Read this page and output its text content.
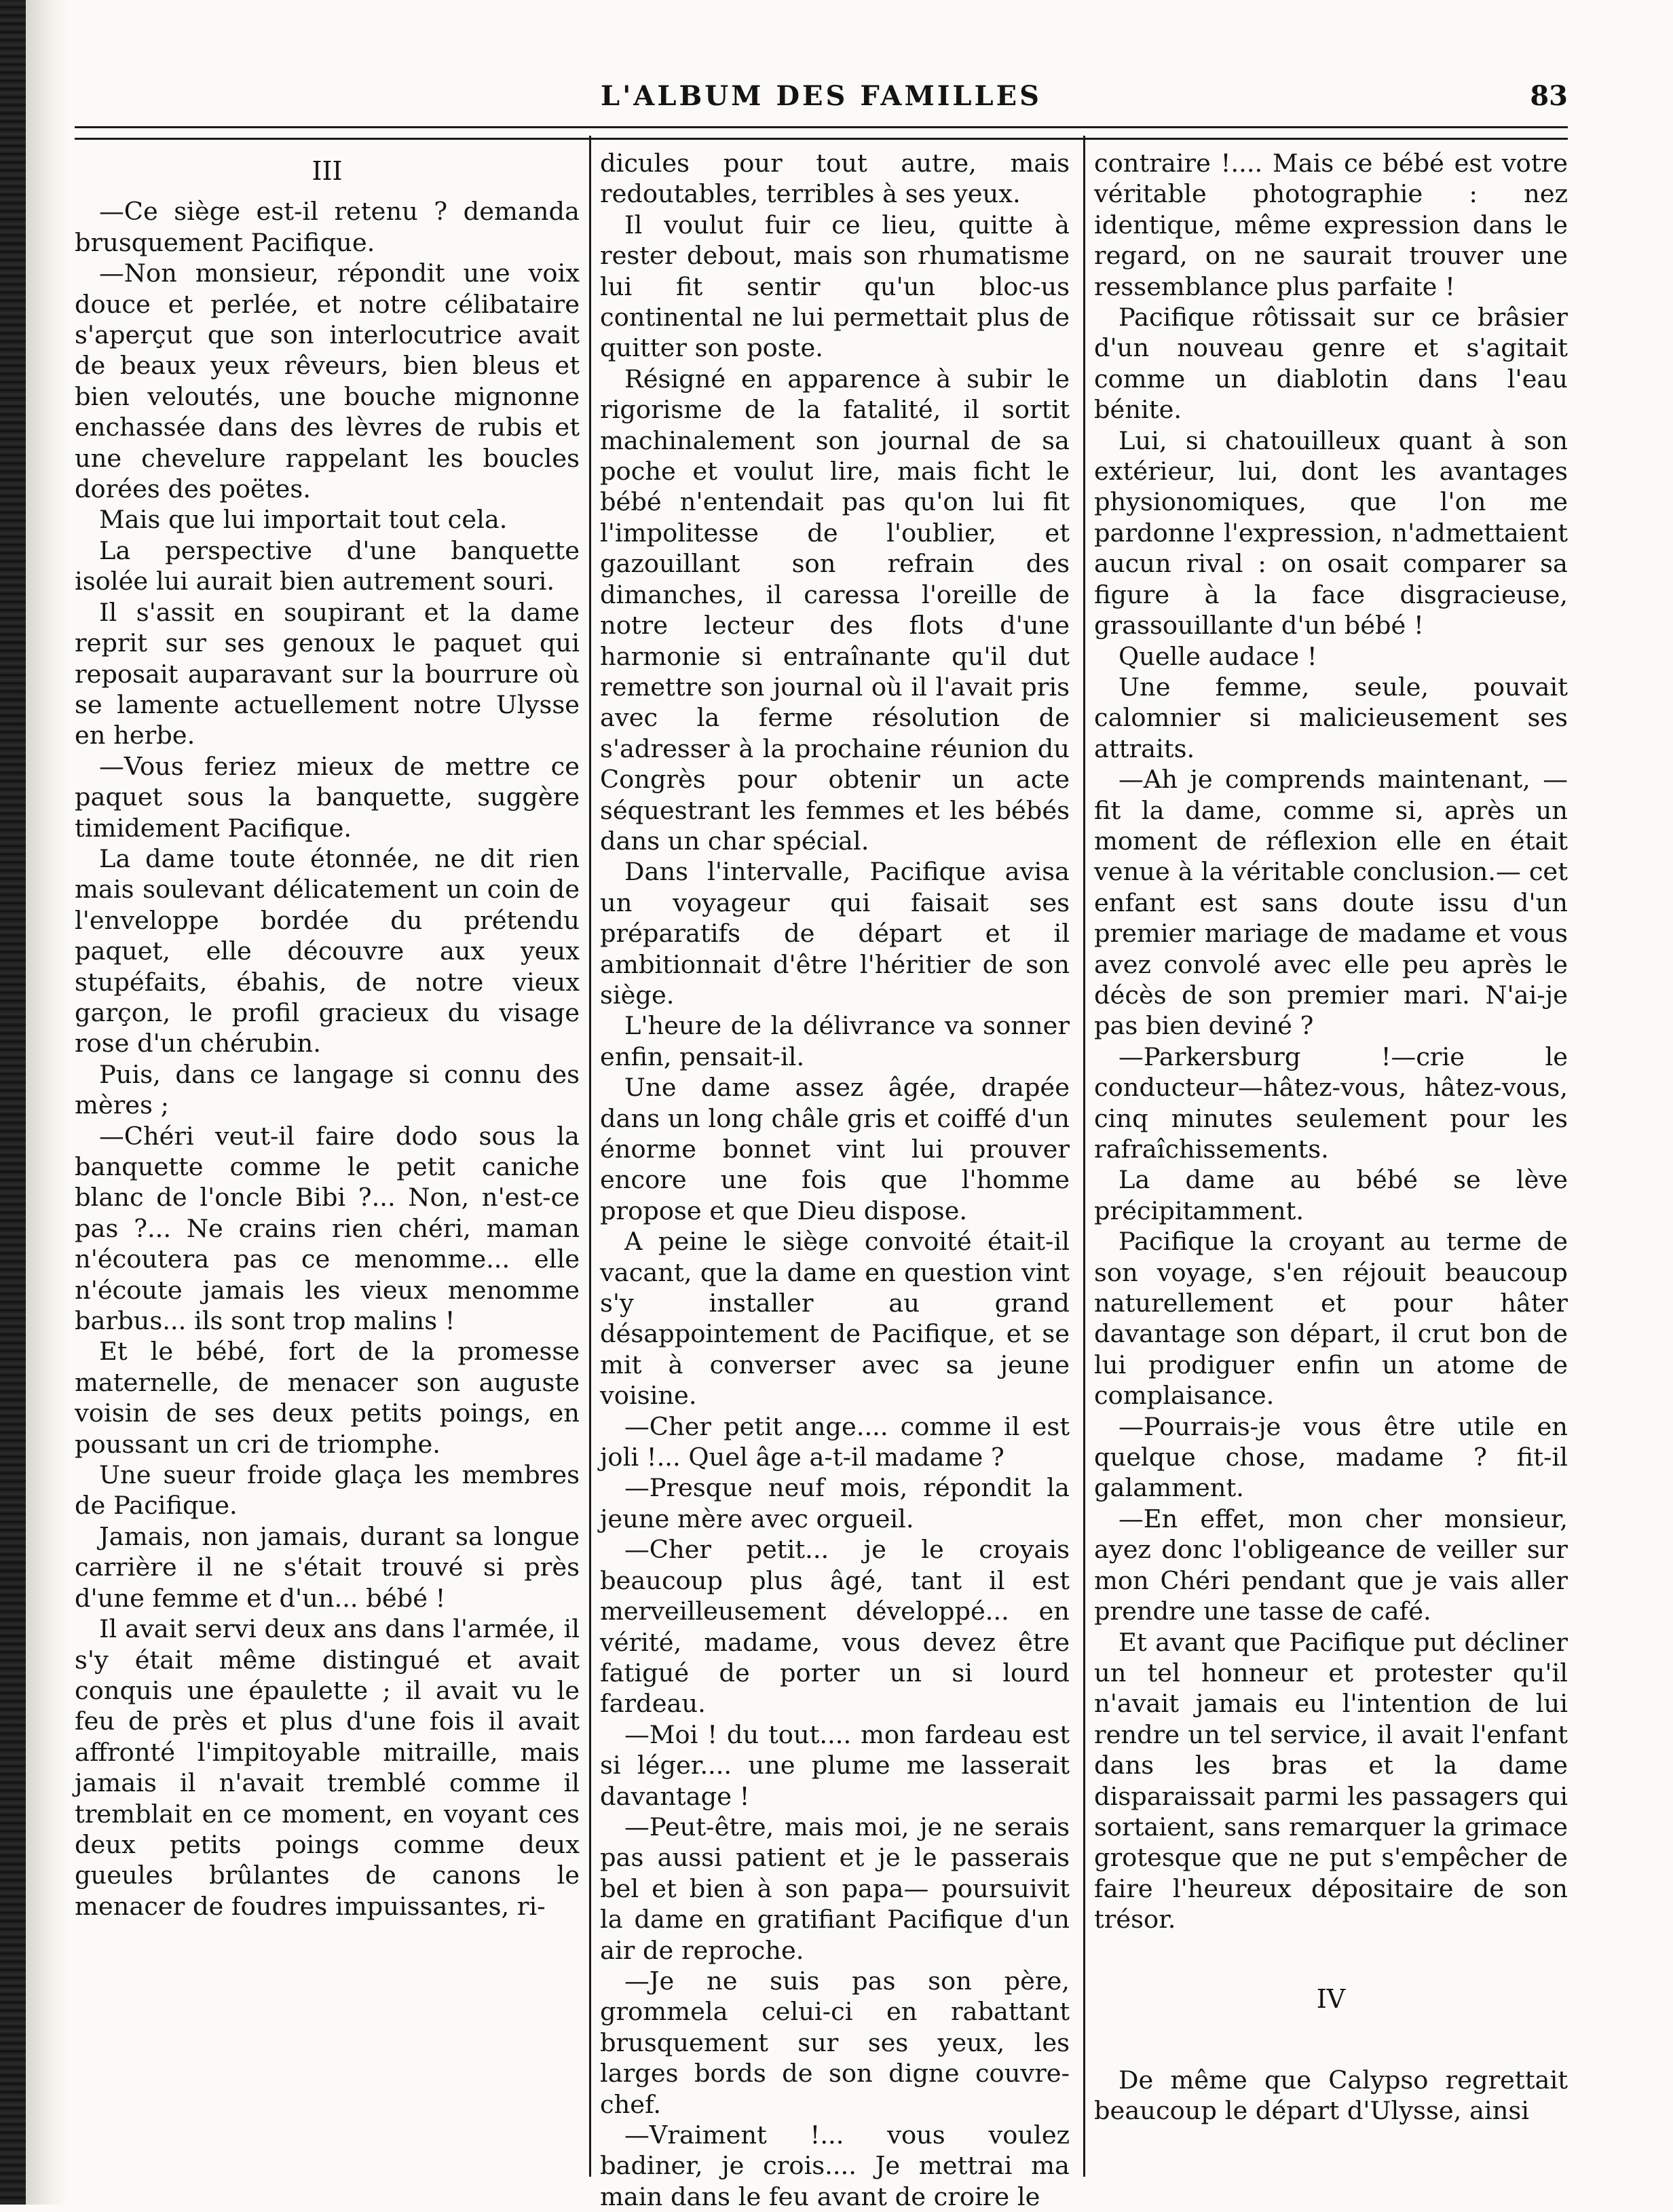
L'ALBUM DES FAMILLES	83

III

—Ce siège est-il retenu ? demanda brusquement Pacifique.

—Non monsieur, répondit une voix douce et perlée, et notre célibataire s'aperçut que son interlocutrice avait de beaux yeux rêveurs, bien bleus et bien veloutés, une bouche mignonne enchassée dans des lèvres de rubis et une chevelure rappelant les boucles dorées des poëtes.

Mais que lui importait tout cela.

La perspective d'une banquette isolée lui aurait bien autrement souri.

Il s'assit en soupirant et la dame reprit sur ses genoux le paquet qui reposait auparavant sur la bourrure où se lamente actuellement notre Ulysse en herbe.

—Vous feriez mieux de mettre ce paquet sous la banquette, suggère timidement Pacifique.

La dame toute étonnée, ne dit rien mais soulevant délicatement un coin de l'enveloppe bordée du prétendu paquet, elle découvre aux yeux stupéfaits, ébahis, de notre vieux garçon, le profil gracieux du visage rose d'un chérubin.

Puis, dans ce langage si connu des mères ;

—Chéri veut-il faire dodo sous la banquette comme le petit caniche blanc de l'oncle Bibi ?... Non, n'est-ce pas ?... Ne crains rien chéri, maman n'écoutera pas ce menomme... elle n'écoute jamais les vieux menomme barbus... ils sont trop malins !

Et le bébé, fort de la promesse maternelle, de menacer son auguste voisin de ses deux petits poings, en poussant un cri de triomphe.

Une sueur froide glaça les membres de Pacifique.

Jamais, non jamais, durant sa longue carrière il ne s'était trouvé si près d'une femme et d'un... bébé !

Il avait servi deux ans dans l'armée, il s'y était même distingué et avait conquis une épaulette ; il avait vu le feu de près et plus d'une fois il avait affronté l'impitoyable mitraille, mais jamais il n'avait tremblé comme il tremblait en ce moment, en voyant ces deux petits poings comme deux gueules brûlantes de canons le menacer de foudres impuissantes, ri-

dicules pour tout autre, mais redoutables, terribles à ses yeux.

Il voulut fuir ce lieu, quitte à rester debout, mais son rhumatisme lui fit sentir qu'un bloc-us continental ne lui permettait plus de quitter son poste.

Résigné en apparence à subir le rigorisme de la fatalité, il sortit machinalement son journal de sa poche et voulut lire, mais ficht le bébé n'entendait pas qu'on lui fit l'impolitesse de l'oublier, et gazouillant son refrain des dimanches, il caressa l'oreille de notre lecteur des flots d'une harmonie si entraînante qu'il dut remettre son journal où il l'avait pris avec la ferme résolution de s'adresser à la prochaine réunion du Congrès pour obtenir un acte séquestrant les femmes et les bébés dans un char spécial.

Dans l'intervalle, Pacifique avisa un voyageur qui faisait ses préparatifs de départ et il ambitionnait d'être l'héritier de son siège.

L'heure de la délivrance va sonner enfin, pensait-il.

Une dame assez âgée, drapée dans un long châle gris et coiffé d'un énorme bonnet vint lui prouver encore une fois que l'homme propose et que Dieu dispose.

A peine le siège convoité était-il vacant, que la dame en question vint s'y installer au grand désappointement de Pacifique, et se mit à converser avec sa jeune voisine.

—Cher petit ange.... comme il est joli !... Quel âge a-t-il madame ?

—Presque neuf mois, répondit la jeune mère avec orgueil.

—Cher petit... je le croyais beaucoup plus âgé, tant il est merveilleusement développé... en vérité, madame, vous devez être fatigué de porter un si lourd fardeau.

—Moi ! du tout.... mon fardeau est si léger.... une plume me lasserait davantage !

—Peut-être, mais moi, je ne serais pas aussi patient et je le passerais bel et bien à son papa— poursuivit la dame en gratifiant Pacifique d'un air de reproche.

—Je ne suis pas son père, grommela celui-ci en rabattant brusquement sur ses yeux, les larges bords de son digne couvre-chef.

—Vraiment !... vous voulez badiner, je crois.... Je mettrai ma main dans le feu avant de croire le

contraire !.... Mais ce bébé est votre véritable photographie : nez identique, même expression dans le regard, on ne saurait trouver une ressemblance plus parfaite !

Pacifique rôtissait sur ce brâsier d'un nouveau genre et s'agitait comme un diablotin dans l'eau bénite.

Lui, si chatouilleux quant à son extérieur, lui, dont les avantages physionomiques, que l'on me pardonne l'expression, n'admettaient aucun rival : on osait comparer sa figure à la face disgracieuse, grassouillante d'un bébé !

Quelle audace !

Une femme, seule, pouvait calomnier si malicieusement ses attraits.

—Ah je comprends maintenant, —fit la dame, comme si, après un moment de réflexion elle en était venue à la véritable conclusion.— cet enfant est sans doute issu d'un premier mariage de madame et vous avez convolé avec elle peu après le décès de son premier mari. N'ai-je pas bien deviné ?

—Parkersburg !—crie le conducteur—hâtez-vous, hâtez-vous, cinq minutes seulement pour les rafraîchissements.

La dame au bébé se lève précipitamment.

Pacifique la croyant au terme de son voyage, s'en réjouit beaucoup naturellement et pour hâter davantage son départ, il crut bon de lui prodiguer enfin un atome de complaisance.

—Pourrais-je vous être utile en quelque chose, madame ? fit-il galamment.

—En effet, mon cher monsieur, ayez donc l'obligeance de veiller sur mon Chéri pendant que je vais aller prendre une tasse de café.

Et avant que Pacifique put décliner un tel honneur et protester qu'il n'avait jamais eu l'intention de lui rendre un tel service, il avait l'enfant dans les bras et la dame disparaissait parmi les passagers qui sortaient, sans remarquer la grimace grotesque que ne put s'empêcher de faire l'heureux dépositaire de son trésor.

IV

De même que Calypso regrettait beaucoup le départ d'Ulysse, ainsi
